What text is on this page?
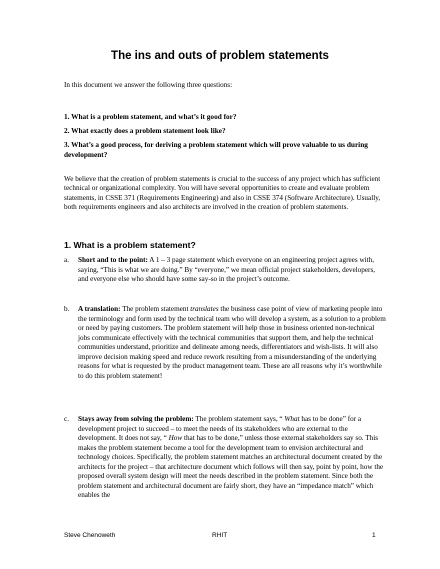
The ins and outs of problem statements
In this document we answer the following three questions:
1. What is a problem statement, and what’s it good for?
2. What exactly does a problem statement look like?
3. What’s a good process, for deriving a problem statement which will prove valuable to us during development?
We believe that the creation of problem statements is crucial to the success of any project which has sufficient technical or organizational complexity. You will have several opportunities to create and evaluate problem statements, in CSSE 371 (Requirements Engineering) and also in CSSE 374 (Software Architecture). Usually, both requirements engineers and also architects are involved in the creation of problem statements.
1. What is a problem statement?
a. Short and to the point: A 1 – 3 page statement which everyone on an engineering project agrees with, saying, “This is what we are doing.” By “everyone,” we mean official project stakeholders, developers, and everyone else who should have some say-so in the project’s outcome.
b. A translation: The problem statement translates the business case point of view of marketing people into the terminology and form used by the technical team who will develop a system, as a solution to a problem or need by paying customers. The problem statement will help those in business oriented non-technical jobs communicate effectively with the technical communities that support them, and help the technical communities understand, prioritize and delineate among needs, differentiators and wish-lists. It will also improve decision making speed and reduce rework resulting from a misunderstanding of the underlying reasons for what is requested by the product management team. These are all reasons why it’s worthwhile to do this problem statement!
c. Stays away from solving the problem: The problem statement says, “ What has to be done” for a development project to succeed – to meet the needs of its stakeholders who are external to the development. It does not say, “ How that has to be done,” unless those external stakeholders say so. This makes the problem statement become a tool for the development team to envision architectural and technology choices. Specifically, the problem statement matches an architectural document created by the architects for the project – that architecture document which follows will then say, point by point, how the proposed overall system design will meet the needs described in the problem statement. Since both the problem statement and architectural document are fairly short, they have an “impedance match” which enables the
Steve Chenoweth	RHIT	1
